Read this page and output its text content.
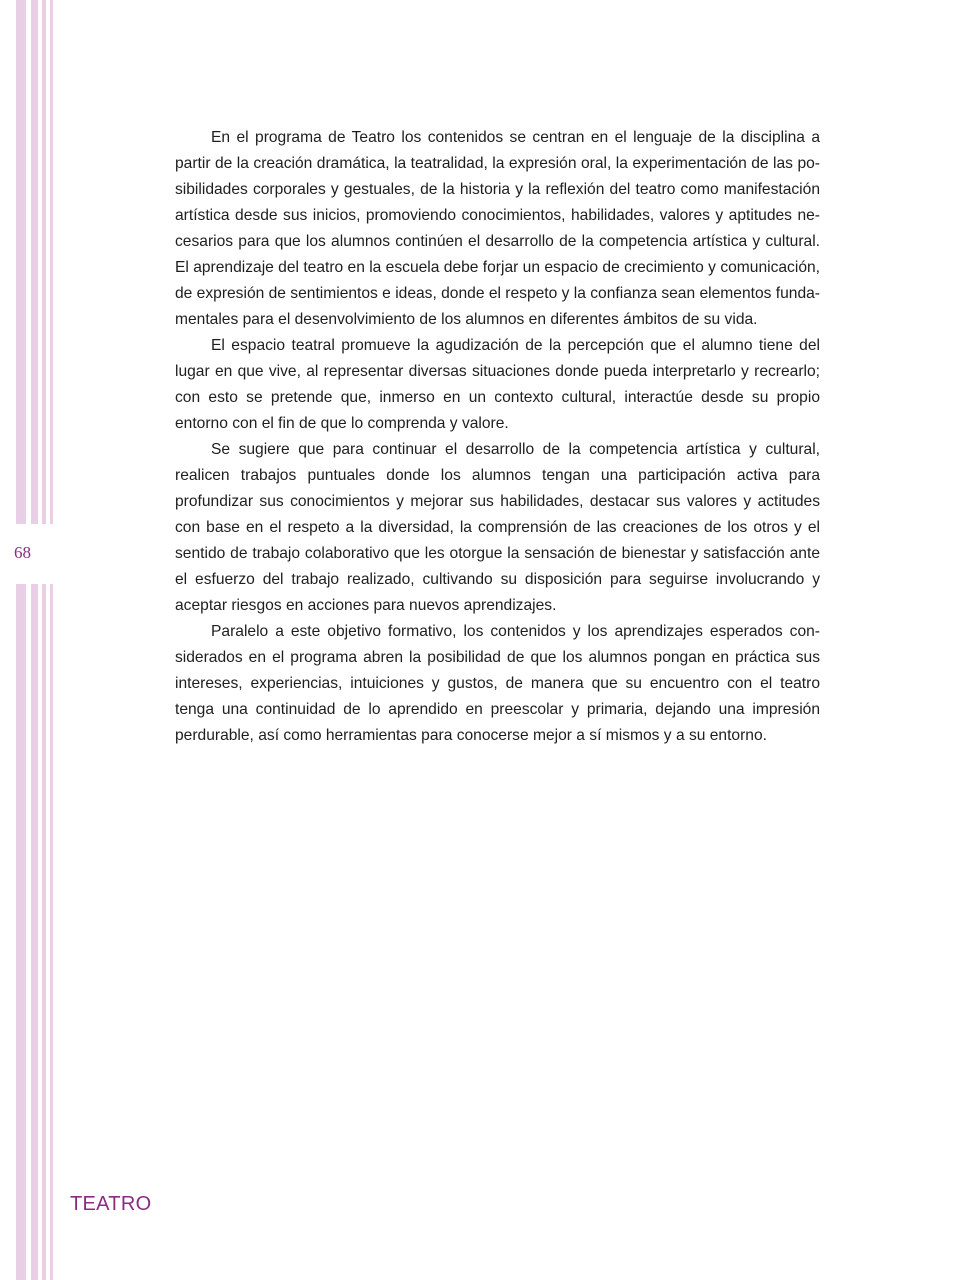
68

En el programa de Teatro los contenidos se centran en el lenguaje de la disciplina a partir de la creación dramática, la teatralidad, la expresión oral, la experimentación de las posibilidades corporales y gestuales, de la historia y la reflexión del teatro como manifestación artística desde sus inicios, promoviendo conocimientos, habilidades, valores y aptitudes necesarios para que los alumnos continúen el desarrollo de la competencia artística y cultural. El aprendizaje del teatro en la escuela debe forjar un espacio de crecimiento y comunicación, de expresión de sentimientos e ideas, donde el respeto y la confianza sean elementos fundamentales para el desenvolvimiento de los alumnos en diferentes ámbitos de su vida.

El espacio teatral promueve la agudización de la percepción que el alumno tiene del lugar en que vive, al representar diversas situaciones donde pueda interpretarlo y recrearlo; con esto se pretende que, inmerso en un contexto cultural, interactúe desde su propio entorno con el fin de que lo comprenda y valore.

Se sugiere que para continuar el desarrollo de la competencia artística y cultural, realicen trabajos puntuales donde los alumnos tengan una participación activa para profundizar sus conocimientos y mejorar sus habilidades, destacar sus valores y actitudes con base en el respeto a la diversidad, la comprensión de las creaciones de los otros y el sentido de trabajo colaborativo que les otorgue la sensación de bienestar y satisfacción ante el esfuerzo del trabajo realizado, cultivando su disposición para seguirse involucrando y aceptar riesgos en acciones para nuevos aprendizajes.

Paralelo a este objetivo formativo, los contenidos y los aprendizajes esperados considerados en el programa abren la posibilidad de que los alumnos pongan en práctica sus intereses, experiencias, intuiciones y gustos, de manera que su encuentro con el teatro tenga una continuidad de lo aprendido en preescolar y primaria, dejando una impresión perdurable, así como herramientas para conocerse mejor a sí mismos y a su entorno.

TEATRO
